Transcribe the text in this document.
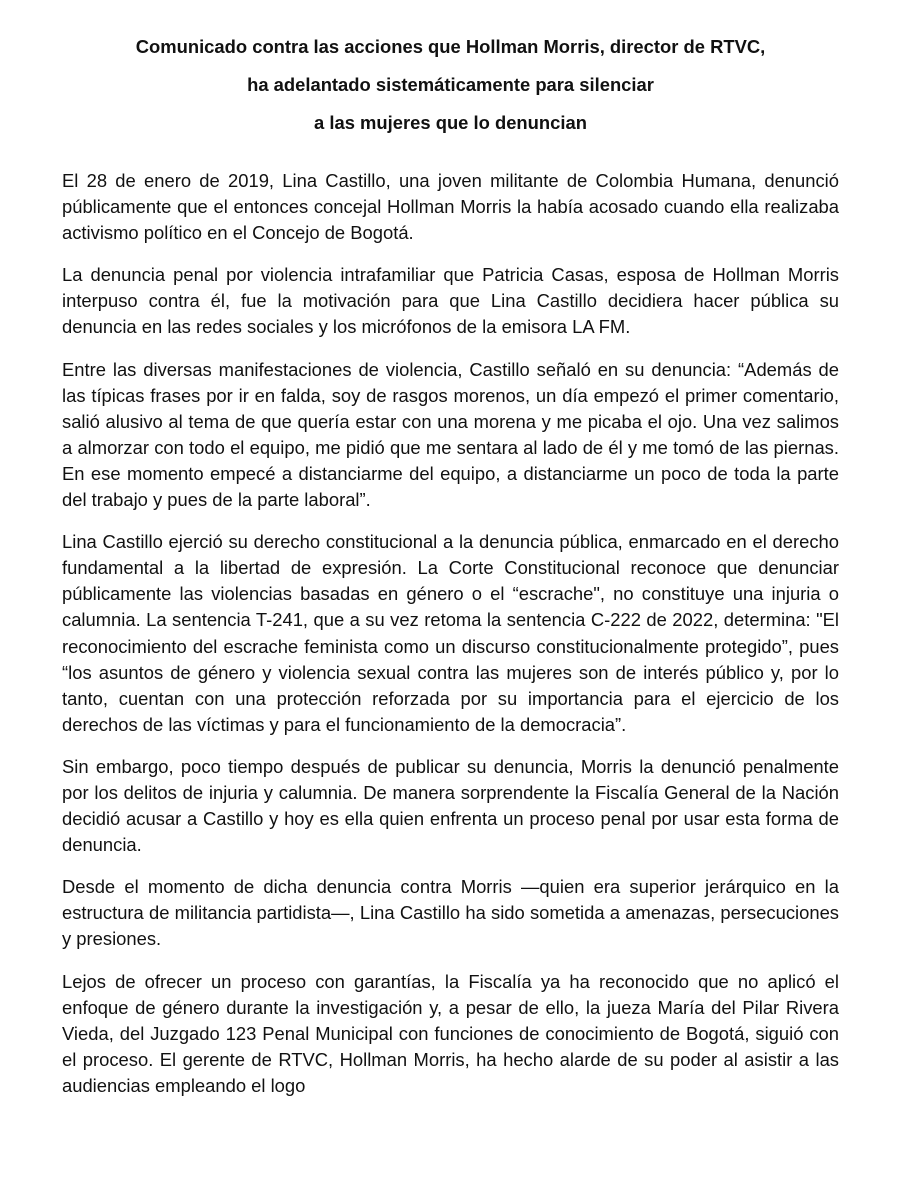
Comunicado contra las acciones que Hollman Morris, director de RTVC,
ha adelantado sistemáticamente para silenciar
a las mujeres que lo denuncian

El 28 de enero de 2019, Lina Castillo, una joven militante de Colombia Humana, denunció públicamente que el entonces concejal Hollman Morris la había acosado cuando ella realizaba activismo político en el Concejo de Bogotá.

La denuncia penal por violencia intrafamiliar que Patricia Casas, esposa de Hollman Morris interpuso contra él, fue la motivación para que Lina Castillo decidiera hacer pública su denuncia en las redes sociales y los micrófonos de la emisora LA FM.

Entre las diversas manifestaciones de violencia, Castillo señaló en su denuncia: “Además de las típicas frases por ir en falda, soy de rasgos morenos, un día empezó el primer comentario, salió alusivo al tema de que quería estar con una morena y me picaba el ojo. Una vez salimos a almorzar con todo el equipo, me pidió que me sentara al lado de él y me tomó de las piernas. En ese momento empecé a distanciarme del equipo, a distanciarme un poco de toda la parte del trabajo y pues de la parte laboral”.

Lina Castillo ejerció su derecho constitucional a la denuncia pública, enmarcado en el derecho fundamental a la libertad de expresión. La Corte Constitucional reconoce que denunciar públicamente las violencias basadas en género o el “escrache", no constituye una injuria o calumnia. La sentencia T-241, que a su vez retoma la sentencia C-222 de 2022, determina: "El reconocimiento del escrache feminista como un discurso constitucionalmente protegido”, pues “los asuntos de género y violencia sexual contra las mujeres son de interés público y, por lo tanto, cuentan con una protección reforzada por su importancia para el ejercicio de los derechos de las víctimas y para el funcionamiento de la democracia”.

Sin embargo, poco tiempo después de publicar su denuncia, Morris la denunció penalmente por los delitos de injuria y calumnia. De manera sorprendente la Fiscalía General de la Nación decidió acusar a Castillo y hoy es ella quien enfrenta un proceso penal por usar esta forma de denuncia.

Desde el momento de dicha denuncia contra Morris —quien era superior jerárquico en la estructura de militancia partidista—, Lina Castillo ha sido sometida a amenazas, persecuciones y presiones.

Lejos de ofrecer un proceso con garantías, la Fiscalía ya ha reconocido que no aplicó el enfoque de género durante la investigación y, a pesar de ello, la jueza María del Pilar Rivera Vieda, del Juzgado 123 Penal Municipal con funciones de conocimiento de Bogotá, siguió con el proceso. El gerente de RTVC, Hollman Morris, ha hecho alarde de su poder al asistir a las audiencias empleando el logo
